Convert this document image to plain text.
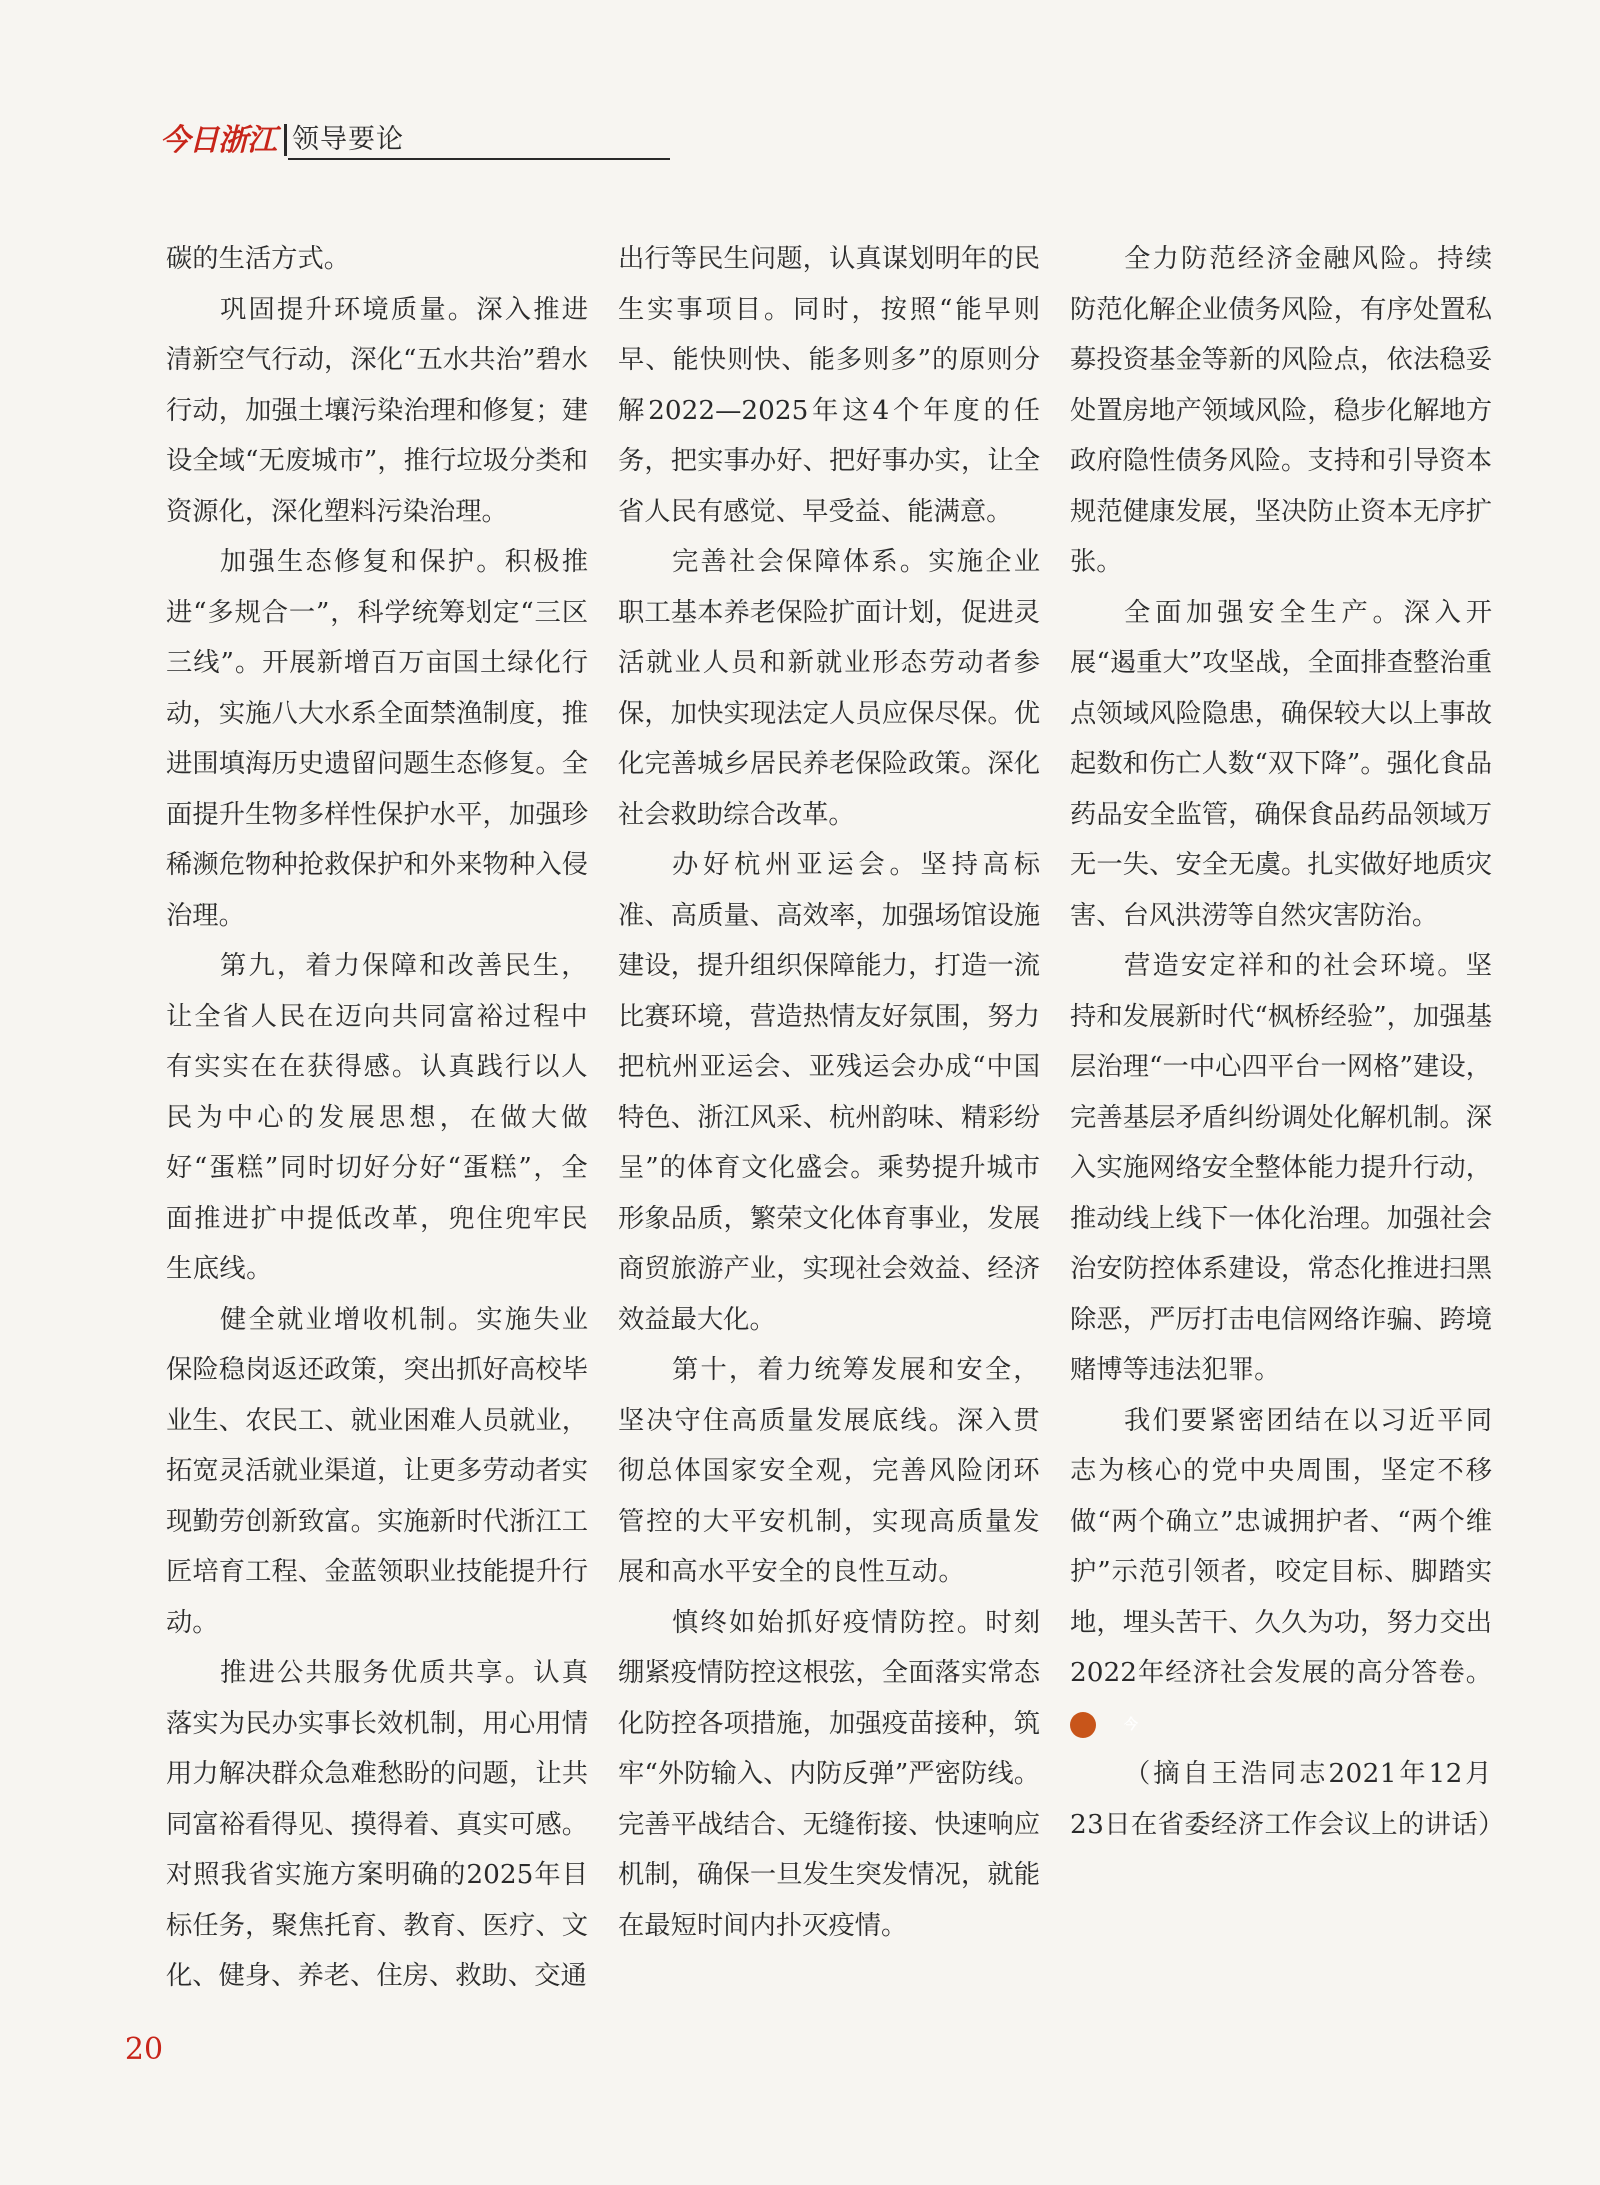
今日浙江 领导要论

碳的生活方式。

巩固提升环境质量。深入推进清新空气行动，深化“五水共治”碧水行动，加强土壤污染治理和修复；建设全域“无废城市”，推行垃圾分类和资源化，深化塑料污染治理。

加强生态修复和保护。积极推进“多规合一”，科学统筹划定“三区三线”。开展新增百万亩国土绿化行动，实施八大水系全面禁渔制度，推进围填海历史遗留问题生态修复。全面提升生物多样性保护水平，加强珍稀濒危物种抢救保护和外来物种入侵治理。

第九，着力保障和改善民生，让全省人民在迈向共同富裕过程中有实实在在获得感。认真践行以人民为中心的发展思想，在做大做好“蛋糕”同时切好分好“蛋糕”，全面推进扩中提低改革，兜住兜牢民生底线。

健全就业增收机制。实施失业保险稳岗返还政策，突出抓好高校毕业生、农民工、就业困难人员就业，拓宽灵活就业渠道，让更多劳动者实现勤劳创新致富。实施新时代浙江工匠培育工程、金蓝领职业技能提升行动。

推进公共服务优质共享。认真落实为民办实事长效机制，用心用情用力解决群众急难愁盼的问题，让共同富裕看得见、摸得着、真实可感。对照我省实施方案明确的2025年目标任务，聚焦托育、教育、医疗、文化、健身、养老、住房、救助、交通

出行等民生问题，认真谋划明年的民生实事项目。同时，按照“能早则早、能快则快、能多则多”的原则分解2022—2025年这4个年度的任务，把实事办好、把好事办实，让全省人民有感觉、早受益、能满意。

完善社会保障体系。实施企业职工基本养老保险扩面计划，促进灵活就业人员和新就业形态劳动者参保，加快实现法定人员应保尽保。优化完善城乡居民养老保险政策。深化社会救助综合改革。

办好杭州亚运会。坚持高标准、高质量、高效率，加强场馆设施建设，提升组织保障能力，打造一流比赛环境，营造热情友好氛围，努力把杭州亚运会、亚残运会办成“中国特色、浙江风采、杭州韵味、精彩纷呈”的体育文化盛会。乘势提升城市形象品质，繁荣文化体育事业，发展商贸旅游产业，实现社会效益、经济效益最大化。

第十，着力统筹发展和安全，坚决守住高质量发展底线。深入贯彻总体国家安全观，完善风险闭环管控的大平安机制，实现高质量发展和高水平安全的良性互动。

慎终如始抓好疫情防控。时刻绷紧疫情防控这根弦，全面落实常态化防控各项措施，加强疫苗接种，筑牢“外防输入、内防反弹”严密防线。完善平战结合、无缝衔接、快速响应机制，确保一旦发生突发情况，就能在最短时间内扑灭疫情。

全力防范经济金融风险。持续防范化解企业债务风险，有序处置私募投资基金等新的风险点，依法稳妥处置房地产领域风险，稳步化解地方政府隐性债务风险。支持和引导资本规范健康发展，坚决防止资本无序扩张。

全面加强安全生产。深入开展“遏重大”攻坚战，全面排查整治重点领域风险隐患，确保较大以上事故起数和伤亡人数“双下降”。强化食品药品安全监管，确保食品药品领域万无一失、安全无虞。扎实做好地质灾害、台风洪涝等自然灾害防治。

营造安定祥和的社会环境。坚持和发展新时代“枫桥经验”，加强基层治理“一中心四平台一网格”建设，完善基层矛盾纠纷调处化解机制。深入实施网络安全整体能力提升行动，推动线上线下一体化治理。加强社会治安防控体系建设，常态化推进扫黑除恶，严厉打击电信网络诈骗、跨境赌博等违法犯罪。

我们要紧密团结在以习近平同志为核心的党中央周围，坚定不移做“两个确立”忠诚拥护者、“两个维护”示范引领者，咬定目标、脚踏实地，埋头苦干、久久为功，努力交出2022年经济社会发展的高分答卷。今

（摘自王浩同志2021年12月23日在省委经济工作会议上的讲话）

20
